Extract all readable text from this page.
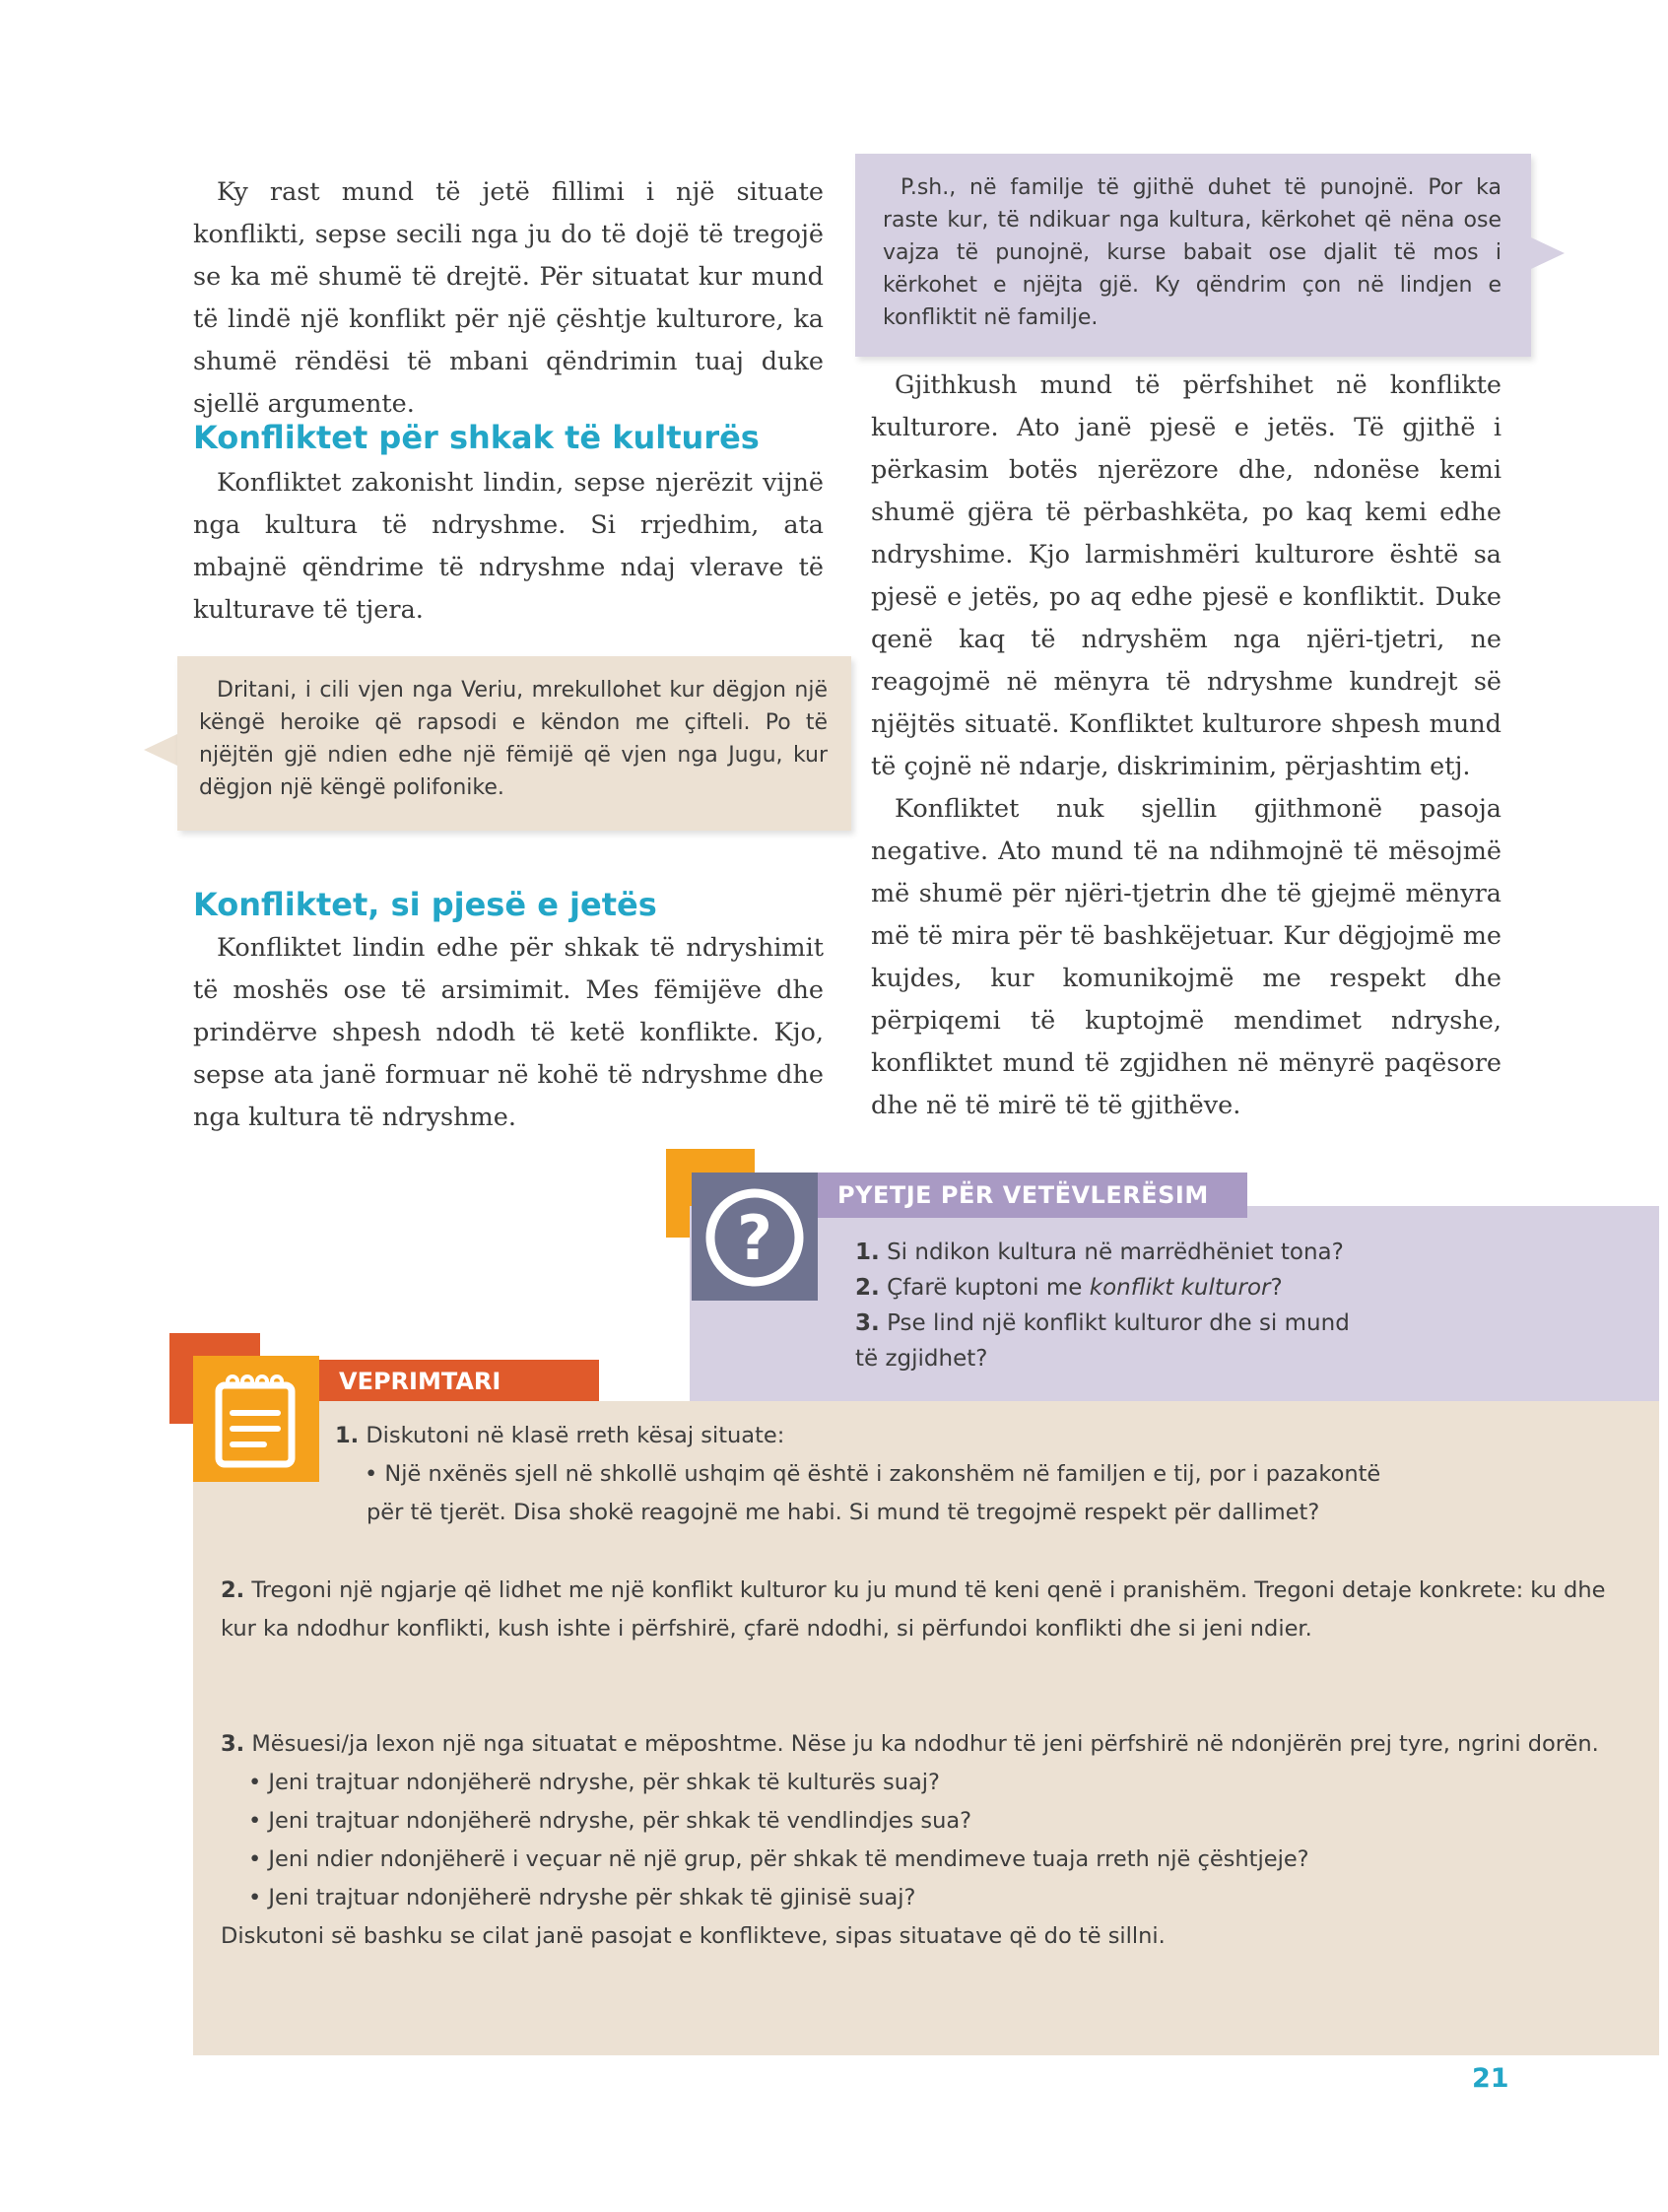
Ky rast mund të jetë fillimi i një situate konflikti, sepse secili nga ju do të dojë të tregojë se ka më shumë të drejtë. Për situatat kur mund të lindë një konflikt për një çështje kulturore, ka shumë rëndësi të mbani qëndrimin tuaj duke sjellë argumente.

Konfliktet për shkak të kulturës

Konfliktet zakonisht lindin, sepse njerëzit vijnë nga kultura të ndryshme. Si rrjedhim, ata mbajnë qëndrime të ndryshme ndaj vlerave të kulturave të tjera.

Dritani, i cili vjen nga Veriu, mrekullohet kur dëgjon një këngë heroike që rapsodi e këndon me çifteli. Po të njëjtën gjë ndien edhe një fëmijë që vjen nga Jugu, kur dëgjon një këngë polifonike.
Konfliktet, si pjesë e jetës

Konfliktet lindin edhe për shkak të ndryshimit të moshës ose të arsimimit. Mes fëmijëve dhe prindërve shpesh ndodh të ketë konflikte. Kjo, sepse ata janë formuar në kohë të ndryshme dhe nga kultura të ndryshme.

P.sh., në familje të gjithë duhet të punojnë. Por ka raste kur, të ndikuar nga kultura, kërkohet që nëna ose vajza të punojnë, kurse babait ose djalit të mos i kërkohet e njëjta gjë. Ky qëndrim çon në lindjen e konfliktit në familje.

Gjithkush mund të përfshihet në konflikte kulturore. Ato janë pjesë e jetës. Të gjithë i përkasim botës njerëzore dhe, ndonëse kemi shumë gjëra të përbashkëta, po kaq kemi edhe ndryshime. Kjo larmishmëri kulturore është sa pjesë e jetës, po aq edhe pjesë e konfliktit. Duke qenë kaq të ndryshëm nga njëri-tjetri, ne reagojmë në mënyra të ndryshme kundrejt së njëjtës situatë. Konfliktet kulturore shpesh mund të çojnë në ndarje, diskriminim, përjashtim etj.

Konfliktet nuk sjellin gjithmonë pasoja negative. Ato mund të na ndihmojnë të mësojmë më shumë për njëri-tjetrin dhe të gjejmë mënyra më të mira për të bashkëjetuar. Kur dëgjojmë me kujdes, kur komunikojmë me respekt dhe përpiqemi të kuptojmë mendimet ndryshe, konfliktet mund të zgjidhen në mënyrë paqësore dhe në të mirë të të gjithëve.

PYETJE PËR VETËVLERËSIM
?	1. Si ndikon kultura në marrëdhëniet tona?
2. Çfarë kuptoni me konflikt kulturor?
3. Pse lind një konflikt kulturor dhe si mund
të zgjidhet?
VEPRIMTARI
1. Diskutoni në klasë rreth kësaj situate:
• Një nxënës sjell në shkollë ushqim që është i zakonshëm në familjen e tij, por i pazakontë
për të tjerët. Disa shokë reagojnë me habi. Si mund të tregojmë respekt për dallimet?
2. Tregoni një ngjarje që lidhet me një konflikt kulturor ku ju mund të keni qenë i pranishëm. Tregoni detaje konkrete: ku dhe kur ka ndodhur konflikti, kush ishte i përfshirë, çfarë ndodhi, si përfundoi konflikti dhe si jeni ndier.
3. Mësuesi/ja lexon një nga situatat e mëposhtme. Nëse ju ka ndodhur të jeni përfshirë në ndonjërën prej tyre, ngrini dorën.
• Jeni trajtuar ndonjëherë ndryshe, për shkak të kulturës suaj?
• Jeni trajtuar ndonjëherë ndryshe, për shkak të vendlindjes sua?
• Jeni ndier ndonjëherë i veçuar në një grup, për shkak të mendimeve tuaja rreth një çështjeje?
• Jeni trajtuar ndonjëherë ndryshe për shkak të gjinisë suaj?
Diskutoni së bashku se cilat janë pasojat e konflikteve, sipas situatave që do të sillni.
21
